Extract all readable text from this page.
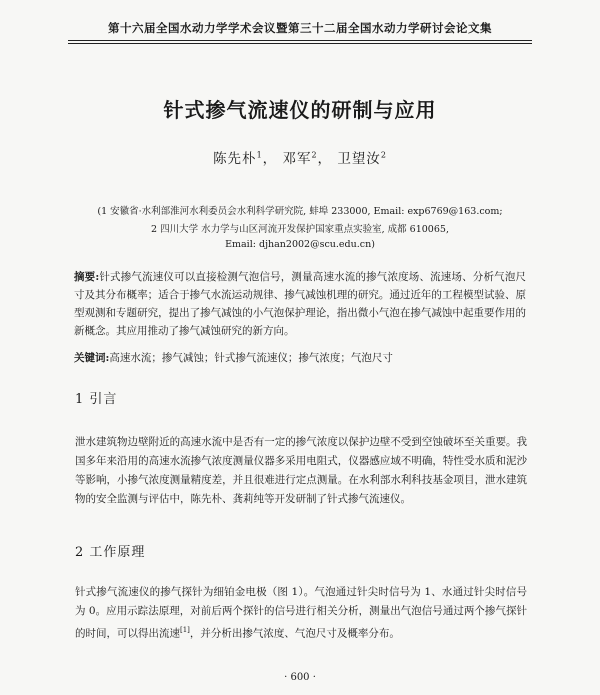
第十六届全国水动力学学术会议暨第三十二届全国水动力学研讨会论文集
针式掺气流速仪的研制与应用
陈先朴$^1$， 邓军$^2$， 卫望汝$^2$
(1 安徽省·水利部淮河水利委员会水利科学研究院, 蚌埠 233000, Email: exp6769@163.com;
2 四川大学 水力学与山区河流开发保护国家重点实验室, 成都 610065,
Email: djhan2002@scu.edu.cn)
摘要:针式掺气流速仪可以直接检测气泡信号，测量高速水流的掺气浓度场、流速场、分析气泡尺寸及其分布概率；适合于掺气水流运动规律、掺气减蚀机理的研究。通过近年的工程模型试验、原型观测和专题研究，提出了掺气减蚀的小气泡保护理论，指出微小气泡在掺气减蚀中起重要作用的新概念。其应用推动了掺气减蚀研究的新方向。
关键词:高速水流；掺气减蚀；针式掺气流速仪；掺气浓度；气泡尺寸
1 引言
泄水建筑物边壁附近的高速水流中是否有一定的掺气浓度以保护边壁不受到空蚀破坏至关重要。我国多年来沿用的高速水流掺气浓度测量仪器多采用电阻式，仪器感应域不明确，特性受水质和泥沙等影响，小掺气浓度测量精度差，并且很难进行定点测量。在水利部水利科技基金项目，泄水建筑物的安全监测与评估中，陈先朴、龚莉纯等开发研制了针式掺气流速仪。
2 工作原理
针式掺气流速仪的掺气探针为细铂金电极（图 1）。气泡通过针尖时信号为 1、水通过针尖时信号为 0。应用示踪法原理，对前后两个探针的信号进行相关分析，测量出气泡信号通过两个掺气探针的时间，可以得出流速[1]，并分析出掺气浓度、气泡尺寸及概率分布。
· 600 ·
